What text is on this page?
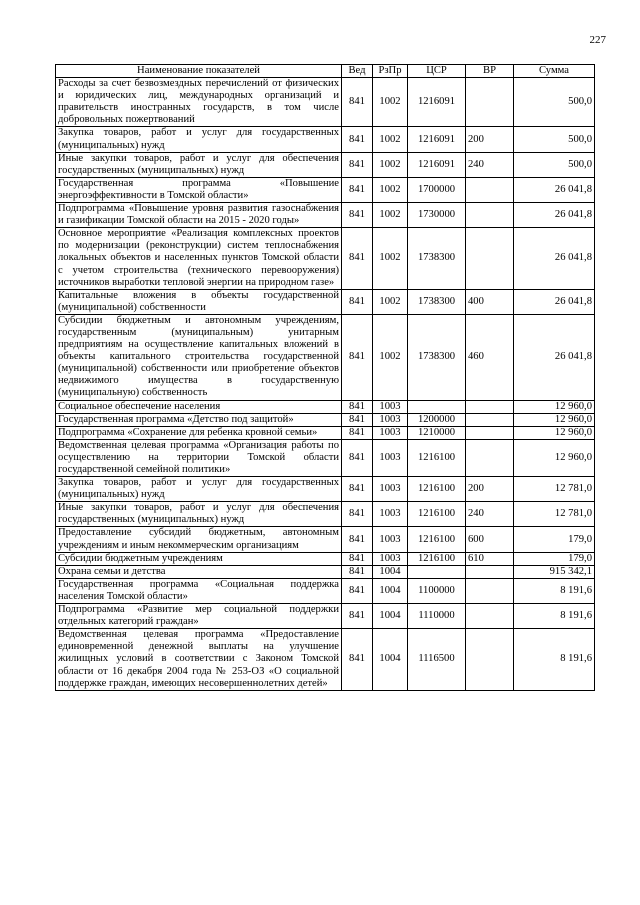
227
Наименование показателей	Вед	РзПр	ЦСР	ВР	Сумма
Расходы за счет безвозмездных перечислений от физических и юридических лиц, международных организаций и правительств иностранных государств, в том числе добровольных пожертвований	841	1002	1216091		500,0
Закупка товаров, работ и услуг для государственных (муниципальных) нужд	841	1002	1216091	200	500,0
Иные закупки товаров, работ и услуг для обеспечения государственных (муниципальных) нужд	841	1002	1216091	240	500,0
Государственная программа «Повышение энергоэффективности в Томской области»	841	1002	1700000		26 041,8
Подпрограмма «Повышение уровня развития газоснабжения и газификации Томской области на 2015 - 2020 годы»	841	1002	1730000		26 041,8
Основное мероприятие «Реализация комплексных проектов по модернизации (реконструкции) систем теплоснабжения локальных объектов и населенных пунктов Томской области с учетом строительства (технического перевооружения) источников выработки тепловой энергии на природном газе»	841	1002	1738300		26 041,8
Капитальные вложения в объекты государственной (муниципальной) собственности	841	1002	1738300	400	26 041,8
Субсидии бюджетным и автономным учреждениям, государственным (муниципальным) унитарным предприятиям на осуществление капитальных вложений в объекты капитального строительства государственной (муниципальной) собственности или приобретение объектов недвижимого имущества в государственную (муниципальную) собственность	841	1002	1738300	460	26 041,8
Социальное обеспечение населения	841	1003			12 960,0
Государственная программа «Детство под защитой»	841	1003	1200000		12 960,0
Подпрограмма «Сохранение для ребенка кровной семьи»	841	1003	1210000		12 960,0
Ведомственная целевая программа «Организация работы по осуществлению на территории Томской области государственной семейной политики»	841	1003	1216100		12 960,0
Закупка товаров, работ и услуг для государственных (муниципальных) нужд	841	1003	1216100	200	12 781,0
Иные закупки товаров, работ и услуг для обеспечения государственных (муниципальных) нужд	841	1003	1216100	240	12 781,0
Предоставление субсидий бюджетным, автономным учреждениям и иным некоммерческим организациям	841	1003	1216100	600	179,0
Субсидии бюджетным учреждениям	841	1003	1216100	610	179,0
Охрана семьи и детства	841	1004			915 342,1
Государственная программа «Социальная поддержка населения Томской области»	841	1004	1100000		8 191,6
Подпрограмма «Развитие мер социальной поддержки отдельных категорий граждан»	841	1004	1110000		8 191,6
Ведомственная целевая программа «Предоставление единовременной денежной выплаты на улучшение жилищных условий в соответствии с Законом Томской области от 16 декабря 2004 года № 253-ОЗ «О социальной поддержке граждан, имеющих несовершеннолетних детей»	841	1004	1116500		8 191,6
